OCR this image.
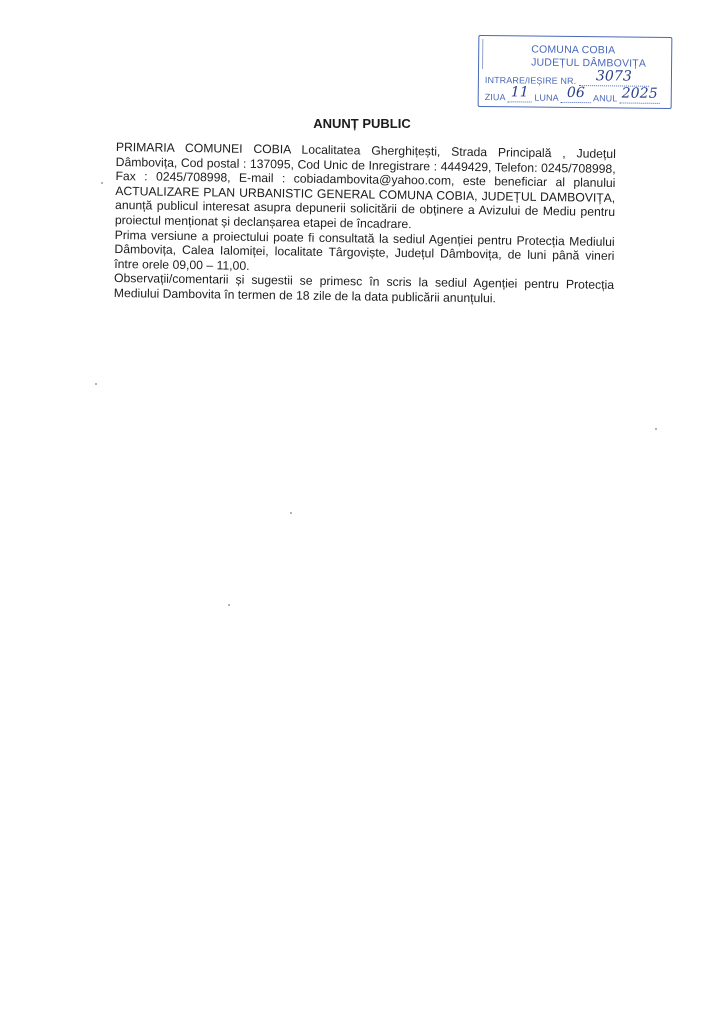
COMUNA COBIA
JUDEȚUL DÂMBOVIȚA
INTRARE/IEȘIRE NR. 3073
ZIUA 11 LUNA 06 ANUL 2025
ANUNȚ PUBLIC

PRIMARIA COMUNEI COBIA Localitatea Gherghițești, Strada Principală , Județul Dâmbovița, Cod postal : 137095, Cod Unic de Inregistrare : 4449429, Telefon: 0245/708998, Fax : 0245/708998, E-mail : cobiadambovita@yahoo.com, este beneficiar al planului ACTUALIZARE PLAN URBANISTIC GENERAL COMUNA COBIA, JUDEȚUL DAMBOVIȚA, anunță publicul interesat asupra depunerii solicitării de obținere a Avizului de Mediu pentru proiectul menționat și declanșarea etapei de încadrare.

Prima versiune a proiectului poate fi consultată la sediul Agenției pentru Protecția Mediului Dâmbovița, Calea Ialomiței, localitate Târgoviște, Județul Dâmbovița, de luni până vineri între orele 09,00 – 11,00.

Observații/comentarii și sugestii se primesc în scris la sediul Agenției pentru Protecția Mediului Dambovita în termen de 18 zile de la data publicării anunțului.
